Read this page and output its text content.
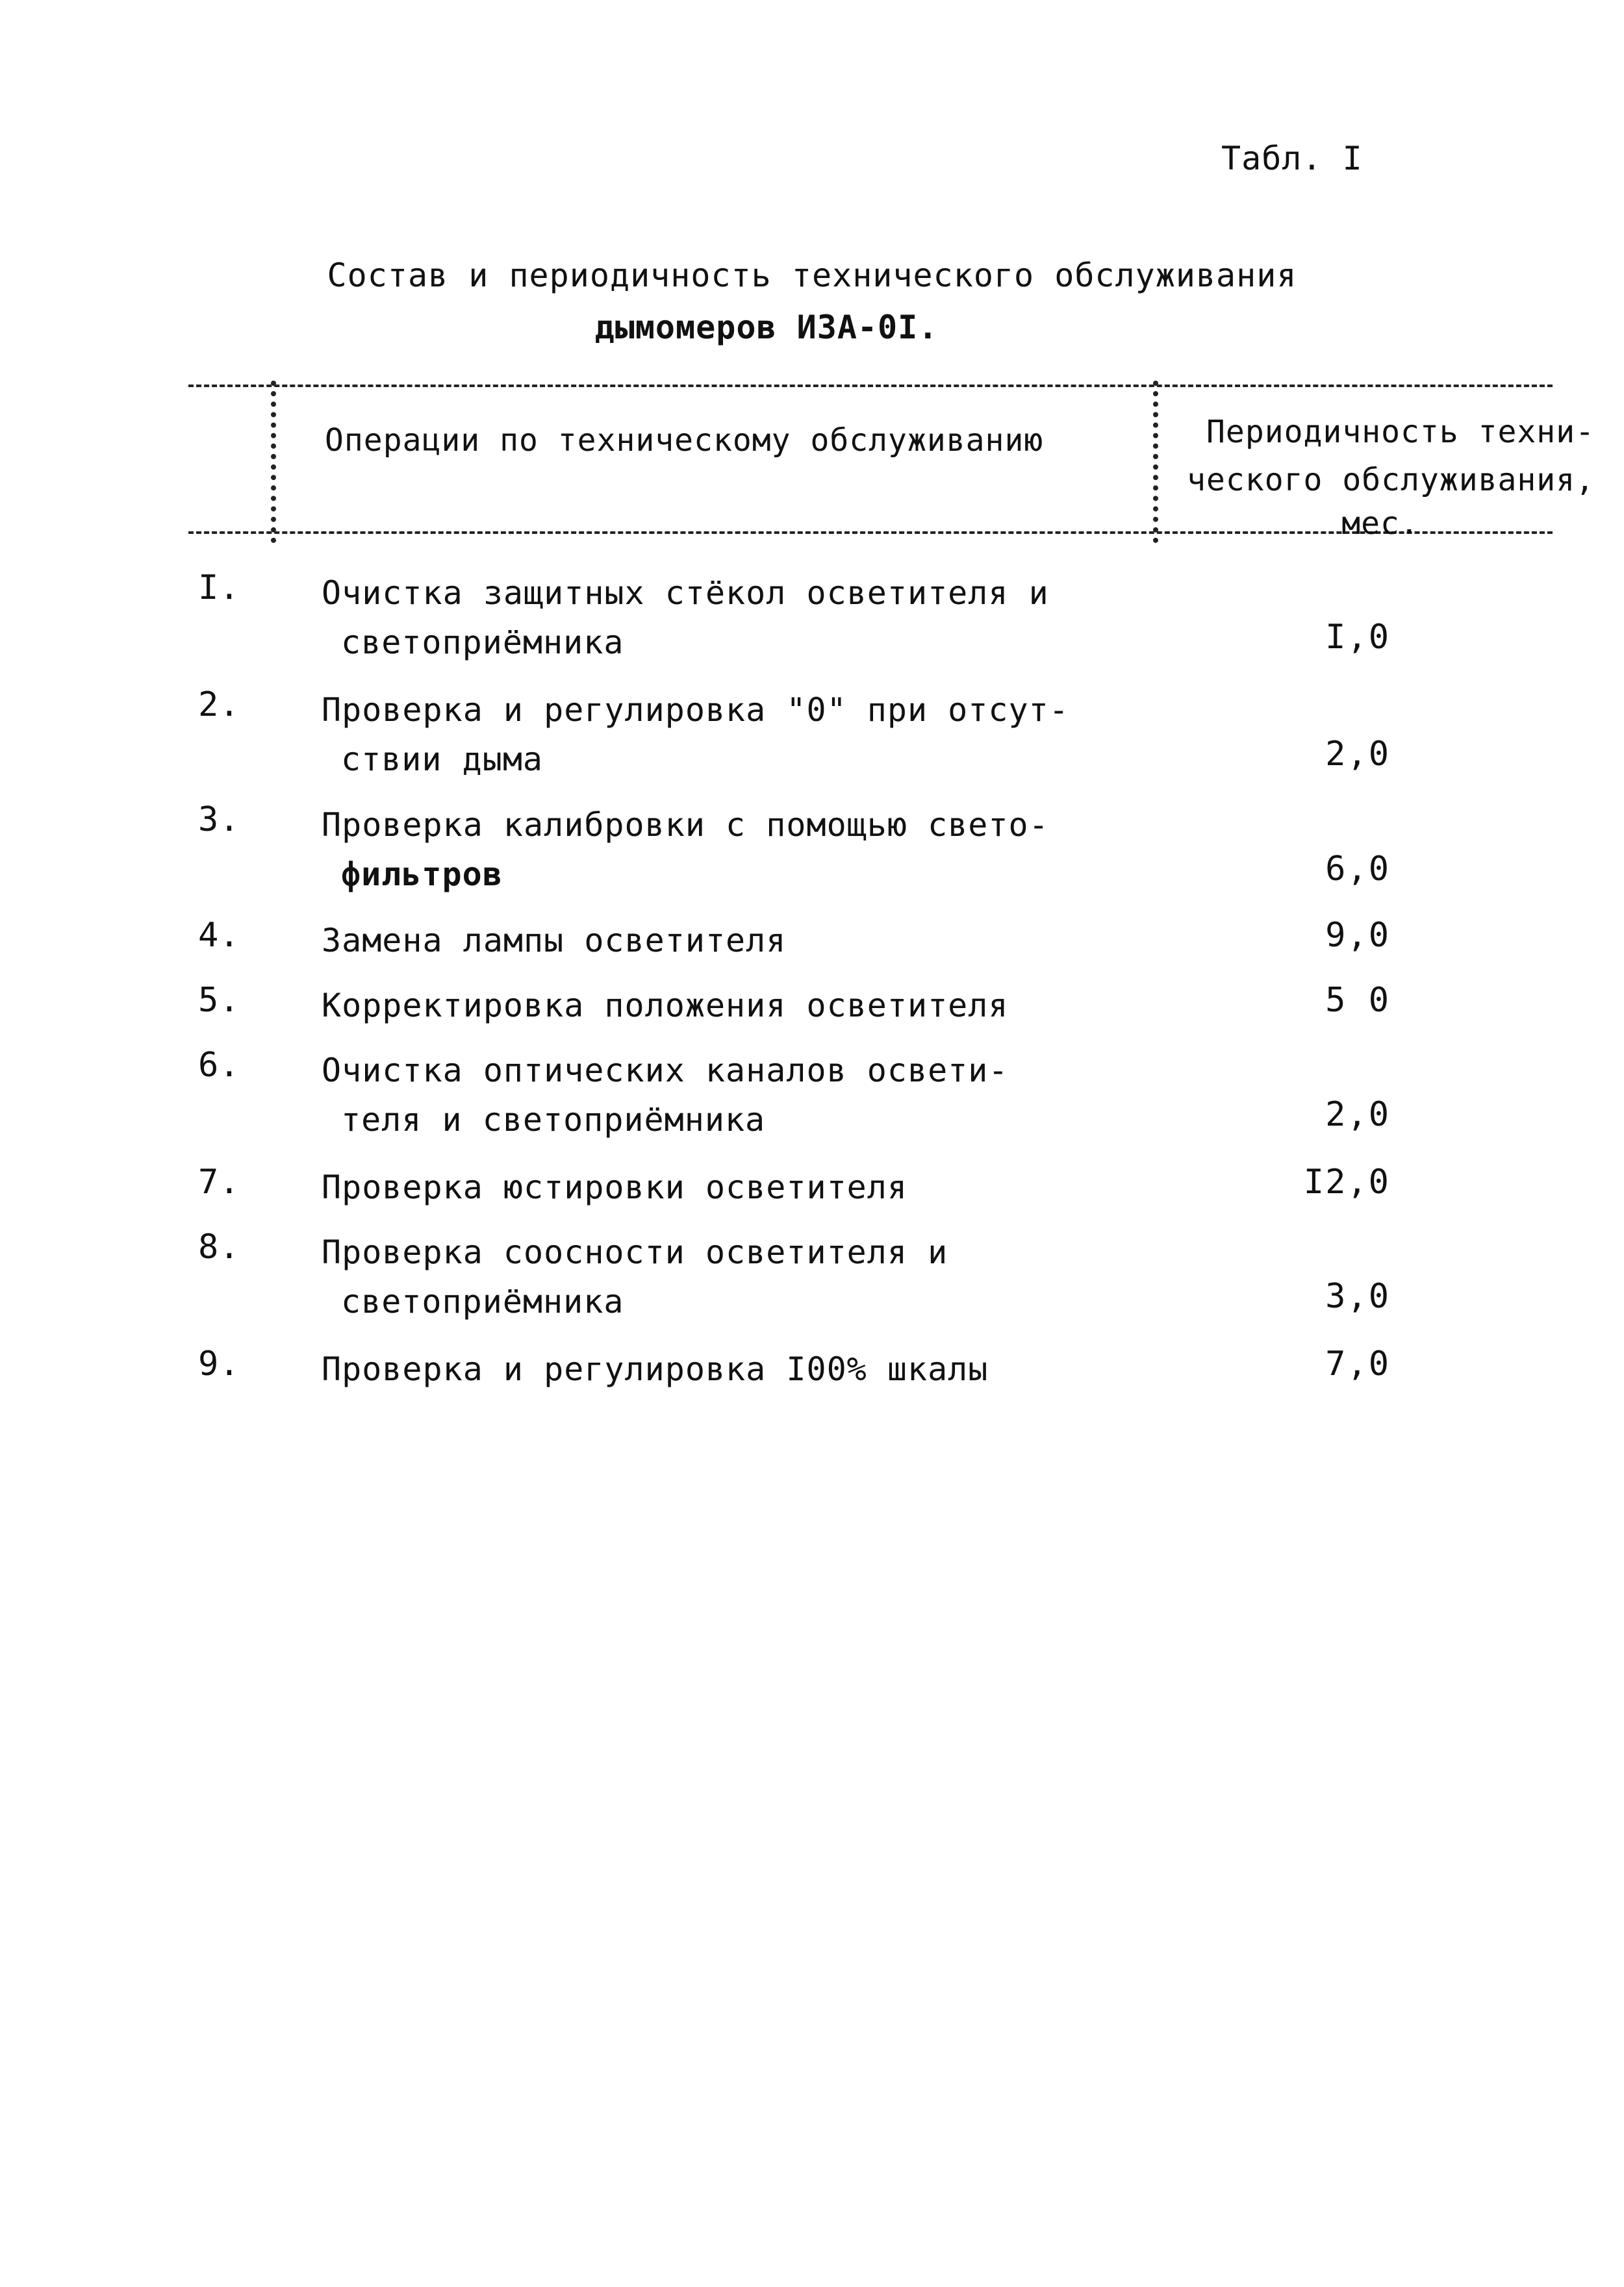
Табл. I
Состав и периодичность технического обслуживания
дымомеров ИЗА-0I.
Операции по техническому обслуживанию	Периодичность техни-
ческого обслуживания,
мес.
I.	Очистка защитных стёкол осветителя и
светоприёмника	I,0
2.	Проверка и регулировка "0" при отсут-
ствии дыма	2,0
3.	Проверка калибровки с помощью свето-
фильтров	6,0
4.	Замена лампы осветителя	9,0
5.	Корректировка положения осветителя	5 0
6.	Очистка оптических каналов освети-
теля и светоприёмника	2,0
7.	Проверка юстировки осветителя	I2,0
8.	Проверка соосности осветителя и
светоприёмника	3,0
9.	Проверка и регулировка I00% шкалы	7,0
